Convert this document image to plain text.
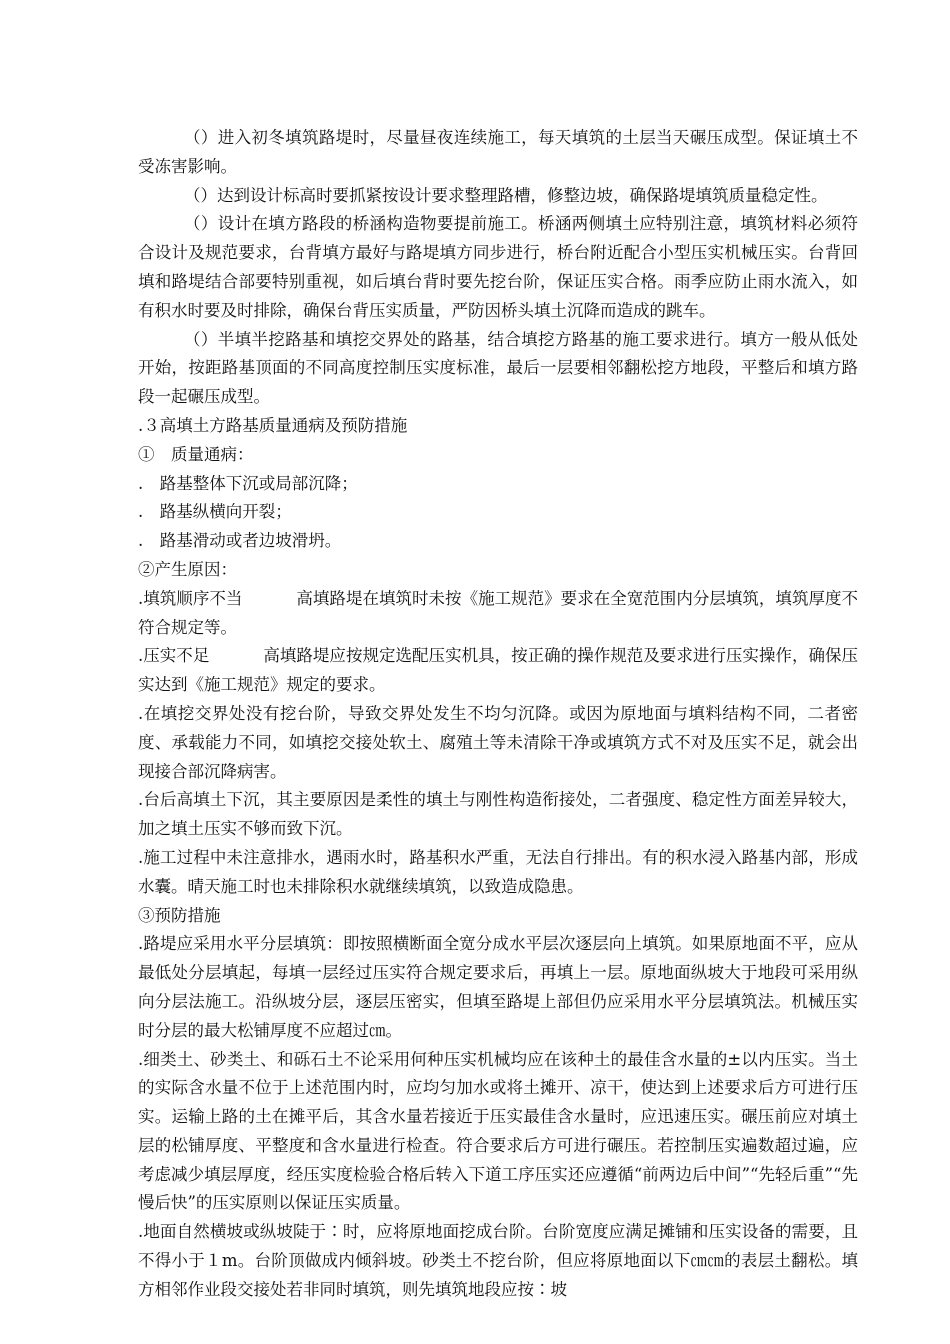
（）进入初冬填筑路堤时，尽量昼夜连续施工，每天填筑的土层当天碾压成型。保证填土不受冻害影响。

（）达到设计标高时要抓紧按设计要求整理路槽，修整边坡，确保路堤填筑质量稳定性。

（）设计在填方路段的桥涵构造物要提前施工。桥涵两侧填土应特别注意，填筑材料必须符合设计及规范要求，台背填方最好与路堤填方同步进行，桥台附近配合小型压实机械压实。台背回填和路堤结合部要特别重视，如后填台背时要先挖台阶，保证压实合格。雨季应防止雨水流入，如有积水时要及时排除，确保台背压实质量，严防因桥头填土沉降而造成的跳车。

（）半填半挖路基和填挖交界处的路基，结合填挖方路基的施工要求进行。填方一般从低处开始，按距路基顶面的不同高度控制压实度标准，最后一层要相邻翻松挖方地段，平整后和填方路段一起碾压成型。

.３高填土方路基质量通病及预防措施

①　质量通病：

.　路基整体下沉或局部沉降；

.　路基纵横向开裂；

.　路基滑动或者边坡滑坍。

②产生原因：

.填筑顺序不当	高填路堤在填筑时未按《施工规范》要求在全宽范围内分层填筑，填筑厚度不符合规定等。

.压实不足	高填路堤应按规定选配压实机具，按正确的操作规范及要求进行压实操作，确保压实达到《施工规范》规定的要求。

.在填挖交界处没有挖台阶，导致交界处发生不均匀沉降。或因为原地面与填料结构不同，二者密度、承载能力不同，如填挖交接处软土、腐殖土等未清除干净或填筑方式不对及压实不足，就会出现接合部沉降病害。

.台后高填土下沉，其主要原因是柔性的填土与刚性构造衔接处，二者强度、稳定性方面差异较大，加之填土压实不够而致下沉。

.施工过程中未注意排水，遇雨水时，路基积水严重，无法自行排出。有的积水浸入路基内部，形成水囊。晴天施工时也未排除积水就继续填筑，以致造成隐患。

③预防措施

.路堤应采用水平分层填筑：即按照横断面全宽分成水平层次逐层向上填筑。如果原地面不平，应从最低处分层填起，每填一层经过压实符合规定要求后，再填上一层。原地面纵坡大于地段可采用纵向分层法施工。沿纵坡分层，逐层压密实，但填至路堤上部但仍应采用水平分层填筑法。机械压实时分层的最大松铺厚度不应超过㎝。

.细类土、砂类土、和砾石土不论采用何种压实机械均应在该种土的最佳含水量的±以内压实。当土的实际含水量不位于上述范围内时，应均匀加水或将土摊开、凉干，使达到上述要求后方可进行压实。运输上路的土在摊平后，其含水量若接近于压实最佳含水量时，应迅速压实。碾压前应对填土层的松铺厚度、平整度和含水量进行检查。符合要求后方可进行碾压。若控制压实遍数超过遍，应考虑减少填层厚度，经压实度检验合格后转入下道工序压实还应遵循“前两边后中间”“先轻后重”“先慢后快”的压实原则以保证压实质量。

.地面自然横坡或纵坡陡于∶时，应将原地面挖成台阶。台阶宽度应满足摊铺和压实设备的需要，且不得小于１m。台阶顶做成内倾斜坡。砂类土不挖台阶，但应将原地面以下㎝㎝的表层土翻松。填方相邻作业段交接处若非同时填筑，则先填筑地段应按∶坡
